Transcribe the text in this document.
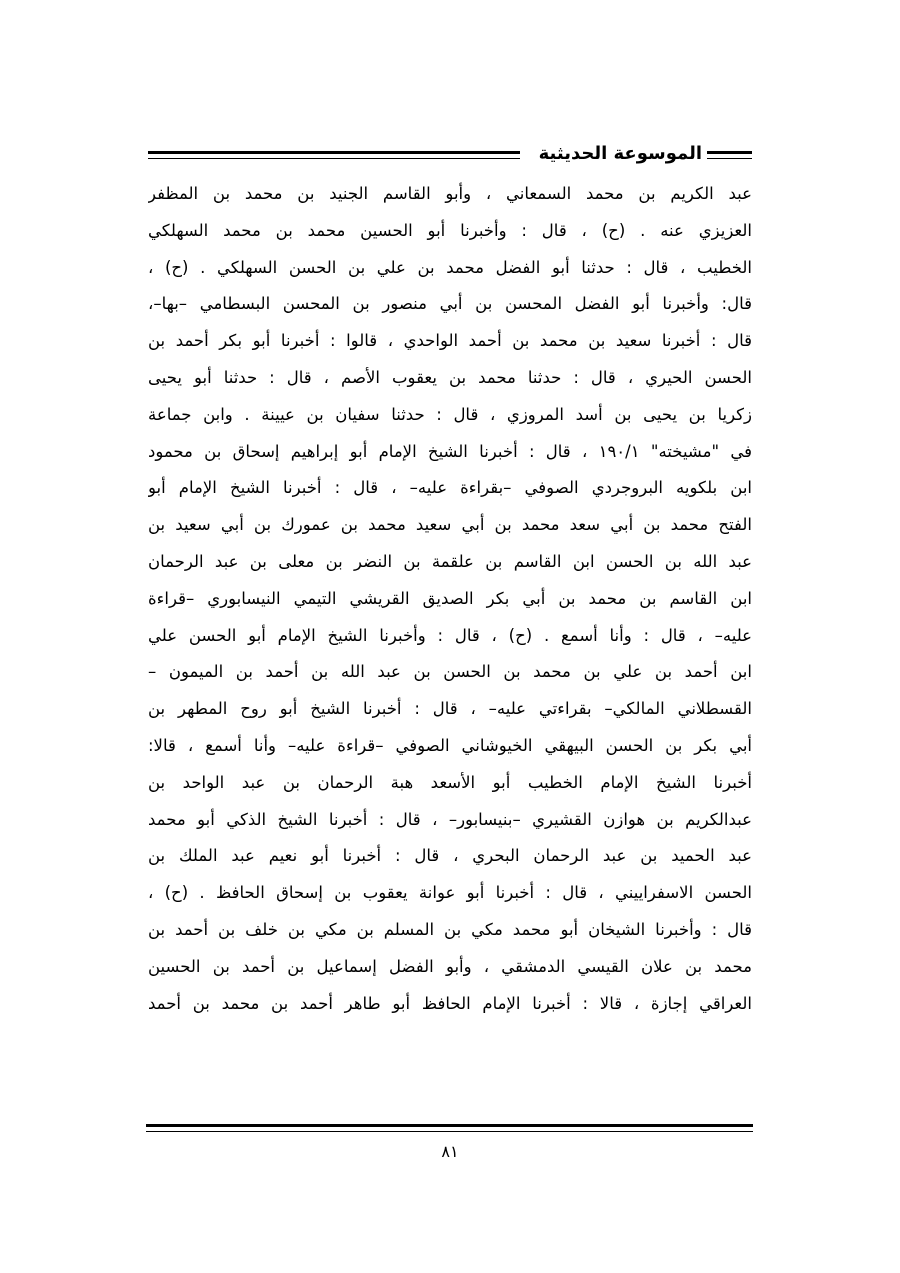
الموسوعة الحديثية
عبد الكريم بن محمد السمعاني ، وأبو القاسم الجنيد بن محمد بن المظفر
العزيزي عنه . (ح) ، قال : وأخبرنا أبو الحسين محمد بن محمد السهلكي
الخطيب ، قال : حدثنا أبو الفضل محمد بن علي بن الحسن السهلكي . (ح) ،
قال: وأخبرنا أبو الفضل المحسن بن أبي منصور بن المحسن البسطامي –بها–،
قال : أخبرنا سعيد بن محمد بن أحمد الواحدي ، قالوا : أخبرنا أبو بكر أحمد بن
الحسن الحيري ، قال : حدثنا محمد بن يعقوب الأصم ، قال : حدثنا أبو يحيى
زكريا بن يحيى بن أسد المروزي ، قال : حدثنا سفيان بن عيينة . وابن جماعة
في "مشيخته" ١٩٠/١ ، قال : أخبرنا الشيخ الإمام أبو إبراهيم إسحاق بن محمود
ابن بلكويه البروجردي الصوفي –بقراءة عليه– ، قال : أخبرنا الشيخ الإمام أبو
الفتح محمد بن أبي سعد محمد بن أبي سعيد محمد بن عمورك بن أبي سعيد بن
عبد الله بن الحسن ابن القاسم بن علقمة بن النضر بن معلى بن عبد الرحمان
ابن القاسم بن محمد بن أبي بكر الصديق القريشي التيمي النيسابوري –قراءة
عليه– ، قال : وأنا أسمع . (ح) ، قال : وأخبرنا الشيخ الإمام أبو الحسن علي
ابن أحمد بن علي بن محمد بن الحسن بن عبد الله بن أحمد بن الميمون –
القسطلاني المالكي– بقراءتي عليه– ، قال : أخبرنا الشيخ أبو روح المطهر بن
أبي بكر بن الحسن البيهقي الخيوشاني الصوفي –قراءة عليه– وأنا أسمع ، قالا:
أخبرنا الشيخ الإمام الخطيب أبو الأسعد هبة الرحمان بن عبد الواحد بن
عبدالكريم بن هوازن القشيري –بنيسابور– ، قال : أخبرنا الشيخ الذكي أبو محمد
عبد الحميد بن عبد الرحمان البحري ، قال : أخبرنا أبو نعيم عبد الملك بن
الحسن الاسفراييني ، قال : أخبرنا أبو عوانة يعقوب بن إسحاق الحافظ . (ح) ،
قال : وأخبرنا الشيخان أبو محمد مكي بن المسلم بن مكي بن خلف بن أحمد بن
محمد بن علان القيسي الدمشقي ، وأبو الفضل إسماعيل بن أحمد بن الحسين
العراقي إجازة ، قالا : أخبرنا الإمام الحافظ أبو طاهر أحمد بن محمد بن أحمد
٨١
